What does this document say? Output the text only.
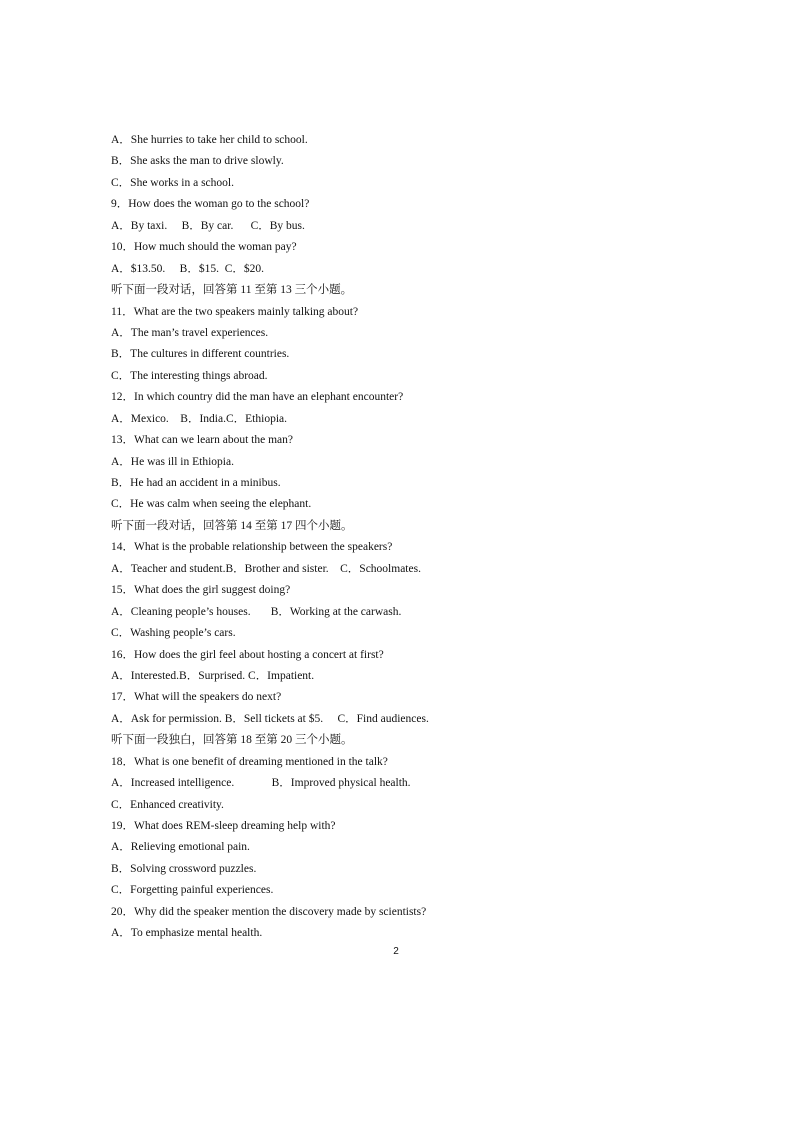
A．She hurries to take her child to school.
B．She asks the man to drive slowly.
C．She works in a school.
9．How does the woman go to the school?
A．By taxi.     B．By car.      C．By bus.
10．How much should the woman pay?
A．$13.50.     B．$15.  C．$20.
听下面一段对话，回答第 11 至第 13 三个小题。
11．What are the two speakers mainly talking about?
A．The man’s travel experiences.
B．The cultures in different countries.
C．The interesting things abroad.
12．In which country did the man have an elephant encounter?
A．Mexico.    B．India.C．Ethiopia.
13．What can we learn about the man?
A．He was ill in Ethiopia.
B．He had an accident in a minibus.
C．He was calm when seeing the elephant.
听下面一段对话，回答第 14 至第 17 四个小题。
14．What is the probable relationship between the speakers?
A．Teacher and student.B．Brother and sister.    C．Schoolmates.
15．What does the girl suggest doing?
A．Cleaning people’s houses.       B．Working at the carwash.
C．Washing people’s cars.
16．How does the girl feel about hosting a concert at first?
A．Interested.B．Surprised. C．Impatient.
17．What will the speakers do next?
A．Ask for permission. B．Sell tickets at $5.     C．Find audiences.
听下面一段独白，回答第 18 至第 20 三个小题。
18．What is one benefit of dreaming mentioned in the talk?
A．Increased intelligence.             B．Improved physical health.
C．Enhanced creativity.
19．What does REM-sleep dreaming help with?
A．Relieving emotional pain.
B．Solving crossword puzzles.
C．Forgetting painful experiences.
20．Why did the speaker mention the discovery made by scientists?
A．To emphasize mental health.
2
